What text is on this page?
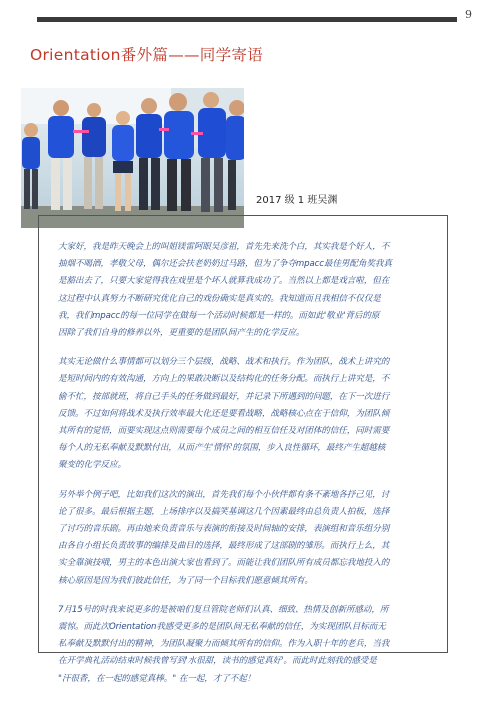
9
Orientation番外篇——同学寄语
2017 级 1 班吴渊
大家好，我是昨天晚会上的叫姐镁雷阿眼吴彦祖，首先先来洗个白，其实我是个好人，不
抽烟不喝酒，孝敬父母，偶尔还会扶老奶奶过马路，但为了争夺mpacc最佳男配角奖我真
是豁出去了，只要大家觉得我在戏里是个坏人就算我成功了。当然以上都是戏言啦，但在
这过程中认真努力不断研究优化自己的戏份确实是真实的。我知道而且我相信不仅仅是
我，我们mpacc的每一位同学在做每一个活动时候都是一样的。而如此'敬业'背后的原
因除了我们自身的修养以外，更重要的是团队间产生的化学反应。
其实无论做什么事情都可以划分三个层级，战略、战术和执行。作为团队，战术上讲究的
是短时间内的有效沟通，方向上的果敢决断以及结构化的任务分配。而执行上讲究是，不
偷不忙，按部就班，将自己手头的任务做到最好，并记录下所遇到的问题，在下一次进行
反馈。不过如何将战术及执行效率最大化还是要看战略，战略核心点在于信仰，为团队倾
其所有的觉悟，而要实现这点则需要每个成员之间的相互信任及对团体的信任，同时需要
每个人的无私奉献及默默付出，从而产生'情怀'的氛围，步入良性循环，最终产生超越核
聚变的化学反应。
另外举个例子吧，比如我们这次的演出，首先我们每个小伙伴都有条不紊地各抒己见，讨
论了很多。最后根据主题，上场排序以及搞笑基调这几个因素最终由总负责人拍板，选择
了讨巧的音乐剧。再由她来负责音乐与表演的衔接及时间轴的安排，表演组和音乐组分别
由各自小组长负责故事的编排及曲目的选择，最终形成了这部剧的雏形。而执行上么，其
实全靠演技哦，男主的本色出演大家也看到了。而能让我们团队所有成员都忘我地投入的
核心原因是因为我们彼此信任，为了同一个目标我们愿意倾其所有。
7月15号的时我来说更多的是被咱们复旦管院老师们认真、细致、热情及创新所感动，所
震惊。而此次Orientation我感受更多的是团队间无私奉献的信任，为实现团队目标而无
私奉献及默默付出的精神，为团队凝聚力而倾其所有的信仰。作为入职十年的老兵，当我
在开学典礼活动结束时候我曾写到'水很甜，读书的感觉真好'。而此时此刻我的感受是
"汗很香，在一起的感觉真棒。" 在一起，才了不起！
